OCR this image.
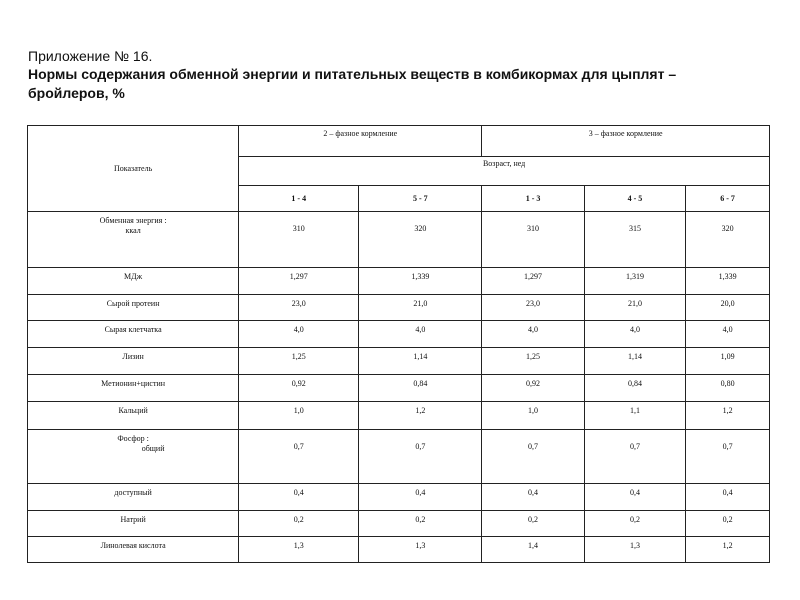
Приложение № 16.
Нормы содержания обменной энергии и питательных веществ в комбикормах для цыплят – бройлеров, %
Показатель	2 – фазное кормление		3 – фазное кормление		
	Возраст, нед				
	1 - 4	5 - 7	1 - 3	4 - 5	6 - 7

Обменная энергия :
ккал	310	320	310	315	320
МДж	1,297	1,339	1,297	1,319	1,339
Сырой протеин	23,0	21,0	23,0	21,0	20,0
Сырая клетчатка	4,0	4,0	4,0	4,0	4,0
Лизин	1,25	1,14	1,25	1,14	1,09
Метионин+цистин	0,92	0,84	0,92	0,84	0,80
Кальций	1,0	1,2	1,0	1,1	1,2

Фосфор :
общий	0,7	0,7	0,7	0,7	0,7
доступный	0,4	0,4	0,4	0,4	0,4
Натрий	0,2	0,2	0,2	0,2	0,2
Линолевая кислота	1,3	1,3	1,4	1,3	1,2
